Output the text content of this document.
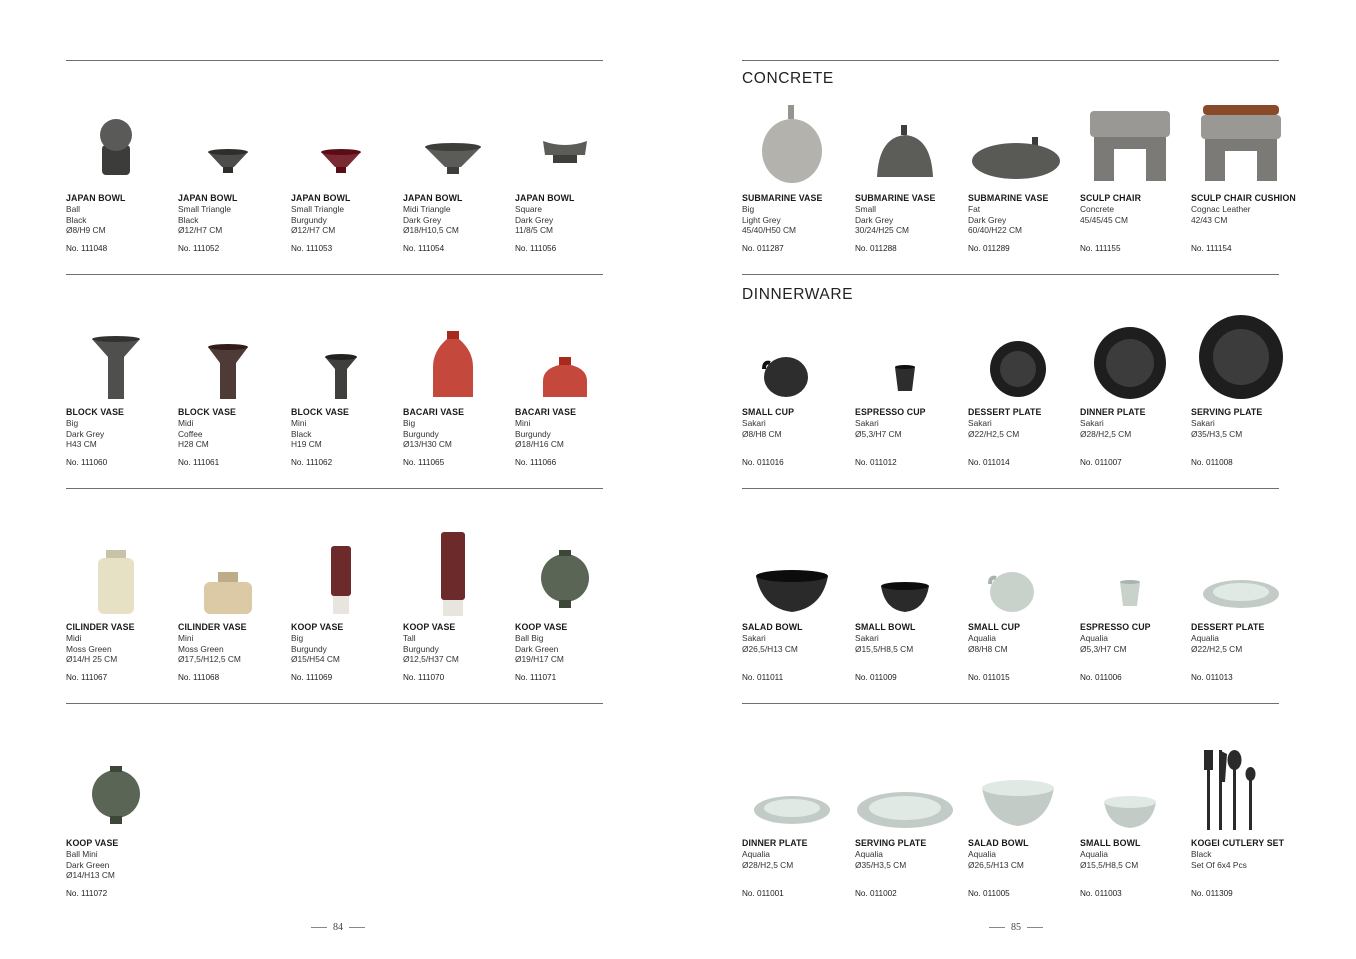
CONCRETE
DINNERWARE
JAPAN BOWL
Ball
Black
Ø8/H9 CM
No. 111048
JAPAN BOWL
Small Triangle
Black
Ø12/H7 CM
No. 111052
JAPAN BOWL
Small Triangle
Burgundy
Ø12/H7 CM
No. 111053
JAPAN BOWL
Midi Triangle
Dark Grey
Ø18/H10,5 CM
No. 111054
JAPAN BOWL
Square
Dark Grey
11/8/5 CM
No. 111056
BLOCK VASE
Big
Dark Grey
H43 CM
No. 111060
BLOCK VASE
Midi
Coffee
H28 CM
No. 111061
BLOCK VASE
Mini
Black
H19 CM
No. 111062
BACARI VASE
Big
Burgundy
Ø13/H30 CM
No. 111065
BACARI VASE
Mini
Burgundy
Ø18/H16 CM
No. 111066
CILINDER VASE
Midi
Moss Green
Ø14/H 25 CM
No. 111067
CILINDER VASE
Mini
Moss Green
Ø17,5/H12,5 CM
No. 111068
KOOP VASE
Big
Burgundy
Ø15/H54 CM
No. 111069
KOOP VASE
Tall
Burgundy
Ø12,5/H37 CM
No. 111070
KOOP VASE
Ball Big
Dark Green
Ø19/H17 CM
No. 111071
KOOP VASE
Ball Mini
Dark Green
Ø14/H13 CM
No. 111072
SUBMARINE VASE
Big
Light Grey
45/40/H50 CM
No. 011287
SUBMARINE VASE
Small
Dark Grey
30/24/H25 CM
No. 011288
SUBMARINE VASE
Fat
Dark Grey
60/40/H22 CM
No. 011289
SCULP CHAIR
Concrete
45/45/45 CM
No. 111155
SCULP CHAIR CUSHION
Cognac Leather
42/43 CM
No. 111154
SMALL CUP
Sakari
Ø8/H8 CM
No. 011016
ESPRESSO CUP
Sakari
Ø5,3/H7 CM
No. 011012
DESSERT PLATE
Sakari
Ø22/H2,5 CM
No. 011014
DINNER PLATE
Sakari
Ø28/H2,5 CM
No. 011007
SERVING PLATE
Sakari
Ø35/H3,5 CM
No. 011008
SALAD BOWL
Sakari
Ø26,5/H13 CM
No. 011011
SMALL BOWL
Sakari
Ø15,5/H8,5 CM
No. 011009
SMALL CUP
Aqualia
Ø8/H8 CM
No. 011015
ESPRESSO CUP
Aqualia
Ø5,3/H7 CM
No. 011006
DESSERT PLATE
Aqualia
Ø22/H2,5 CM
No. 011013
DINNER PLATE
Aqualia
Ø28/H2,5 CM
No. 011001
SERVING PLATE
Aqualia
Ø35/H3,5 CM
No. 011002
SALAD BOWL
Aqualia
Ø26,5/H13 CM
No. 011005
SMALL BOWL
Aqualia
Ø15,5/H8,5 CM
No. 011003
KOGEI CUTLERY SET
Black
Set Of 6x4 Pcs
No. 011309
84	85
